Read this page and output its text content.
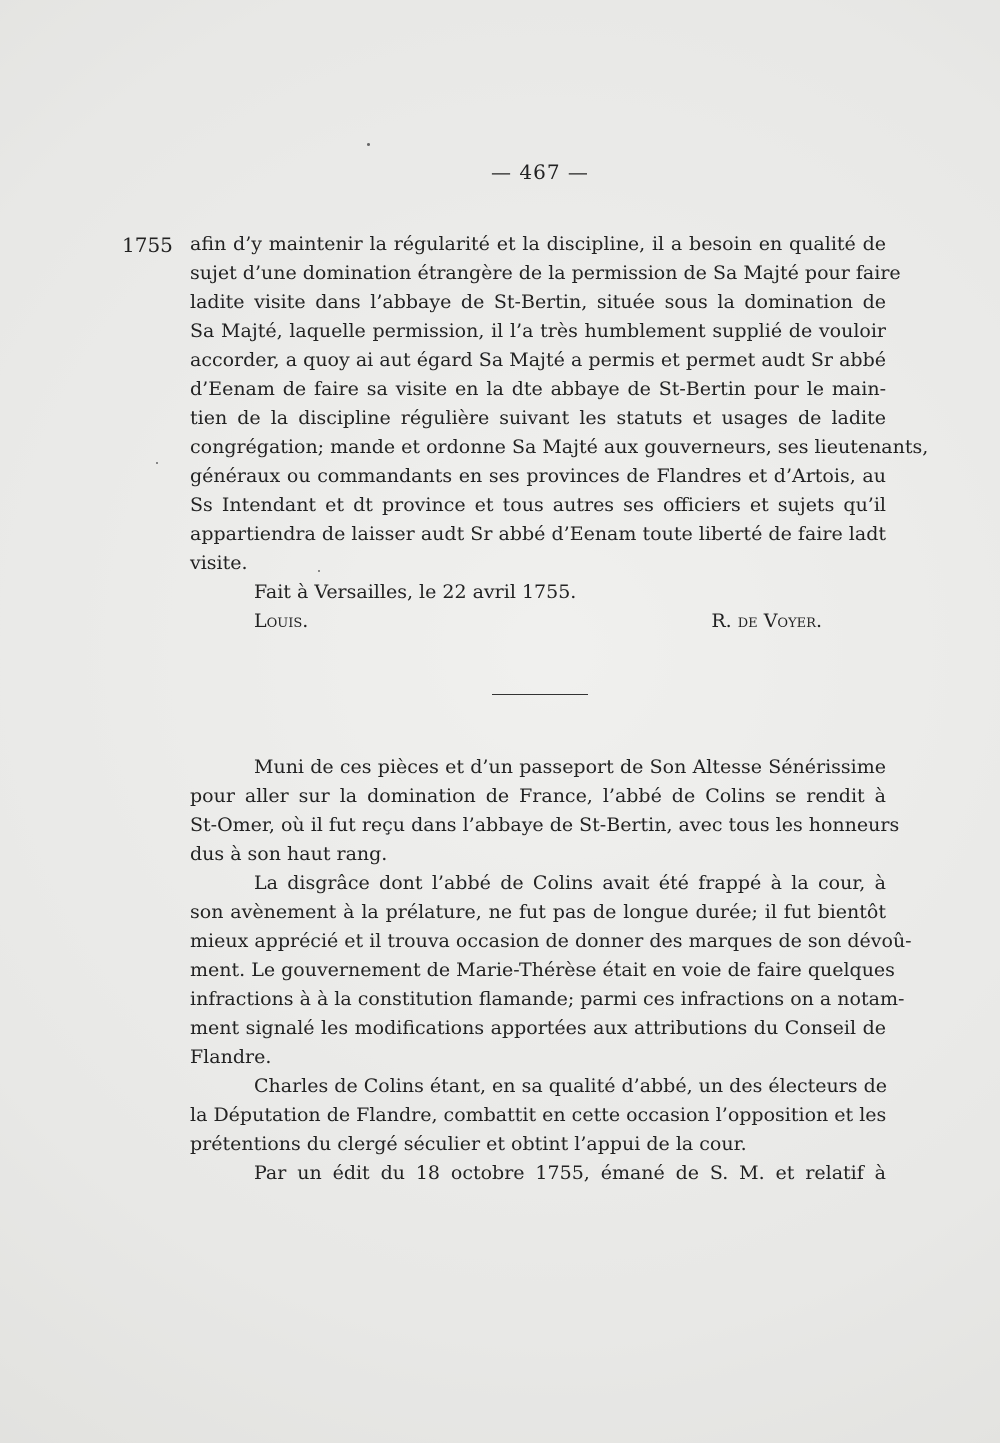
— 467 —
1755 afin d’y maintenir la régularité et la discipline, il a besoin en qualité de
sujet d’une domination étrangère de la permission de Sa Majté pour faire
ladite visite dans l’abbaye de St-Bertin, située sous la domination de
Sa Majté, laquelle permission, il l’a très humblement supplié de vouloir
accorder, a quoy ai aut égard Sa Majté a permis et permet audt Sr abbé
d’Eenam de faire sa visite en la dte abbaye de St-Bertin pour le main-
tien de la discipline régulière suivant les statuts et usages de ladite
congrégation; mande et ordonne Sa Majté aux gouverneurs, ses lieutenants,
généraux ou commandants en ses provinces de Flandres et d’Artois, au
Ss Intendant et dt province et tous autres ses officiers et sujets qu’il
appartiendra de laisser audt Sr abbé d’Eenam toute liberté de faire ladt
visite.
Fait à Versailles, le 22 avril 1755.
Louis.	R. de Voyer.

Muni de ces pièces et d’un passeport de Son Altesse Sénérissime
pour aller sur la domination de France, l’abbé de Colins se rendit à
St-Omer, où il fut reçu dans l’abbaye de St-Bertin, avec tous les honneurs
dus à son haut rang.

La disgrâce dont l’abbé de Colins avait été frappé à la cour, à
son avènement à la prélature, ne fut pas de longue durée; il fut bientôt
mieux apprécié et il trouva occasion de donner des marques de son dévoû-
ment. Le gouvernement de Marie-Thérèse était en voie de faire quelques
infractions à à la constitution flamande; parmi ces infractions on a notam-
ment signalé les modifications apportées aux attributions du Conseil de
Flandre.

Charles de Colins étant, en sa qualité d’abbé, un des électeurs de
la Députation de Flandre, combattit en cette occasion l’opposition et les
prétentions du clergé séculier et obtint l’appui de la cour.

Par un édit du 18 octobre 1755, émané de S. M. et relatif à
